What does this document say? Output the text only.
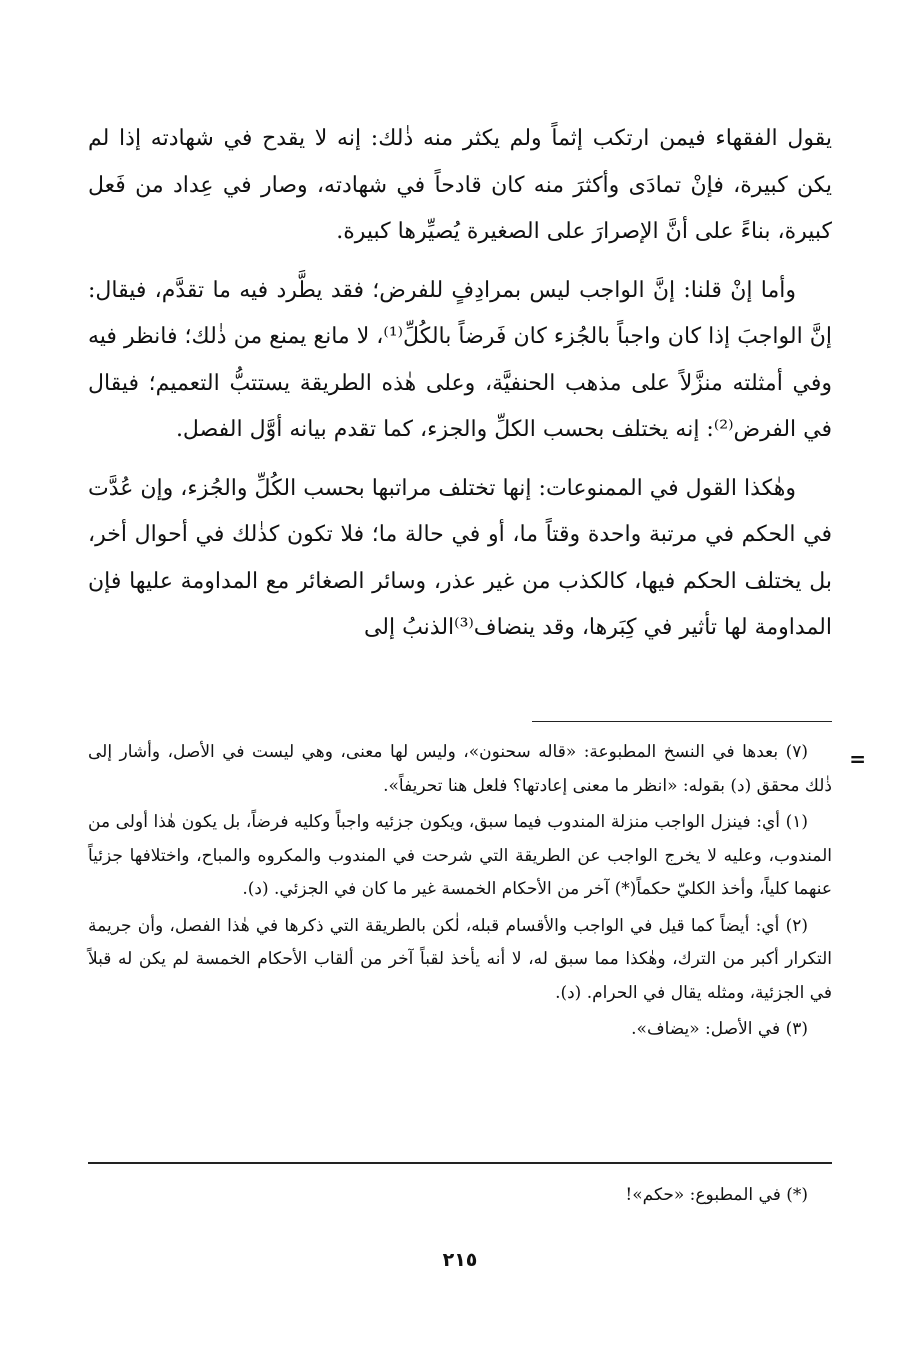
يقول الفقهاء فيمن ارتكب إثماً ولم يكثر منه ذٰلك: إنه لا يقدح في شهادته إذا لم يكن كبيرة، فإنْ تمادَى وأكثرَ منه كان قادحاً في شهادته، وصار في عِداد من فَعل كبيرة، بناءً على أنَّ الإصرارَ على الصغيرة يُصيِّرها كبيرة.

وأما إنْ قلنا: إنَّ الواجب ليس بمرادِفٍ للفرض؛ فقد يطَّرد فيه ما تقدَّم، فيقال: إنَّ الواجبَ إذا كان واجباً بالجُزء كان فَرضاً بالكُلِّ⁽¹⁾، لا مانع يمنع من ذٰلك؛ فانظر فيه وفي أمثلته منزَّلاً على مذهب الحنفيَّة، وعلى هٰذه الطريقة يستتبُّ التعميم؛ فيقال في الفرض⁽²⁾: إنه يختلف بحسب الكلِّ والجزء، كما تقدم بيانه أوَّل الفصل.

وهٰكذا القول في الممنوعات: إنها تختلف مراتبها بحسب الكُلِّ والجُزء، وإن عُدَّت في الحكم في مرتبة واحدة وقتاً ما، أو في حالة ما؛ فلا تكون كذٰلك في أحوال أخر، بل يختلف الحكم فيها، كالكذب من غير عذر، وسائر الصغائر مع المداومة عليها فإن المداومة لها تأثير في كِبَرها، وقد ينضاف⁽³⁾الذنبُ إلى

=

(٧) بعدها في النسخ المطبوعة: «قاله سحنون»، وليس لها معنى، وهي ليست في الأصل، وأشار إلى ذٰلك محقق (د) بقوله: «انظر ما معنى إعادتها؟ فلعل هنا تحريفاً».

(١) أي: فينزل الواجب منزلة المندوب فيما سبق، ويكون جزئيه واجباً وكليه فرضاً، بل يكون هٰذا أولى من المندوب، وعليه لا يخرج الواجب عن الطريقة التي شرحت في المندوب والمكروه والمباح، واختلافها جزئياً عنهما كلياً، وأخذ الكليّ حكماً(*) آخر من الأحكام الخمسة غير ما كان في الجزئي. (د).

(٢) أي: أيضاً كما قيل في الواجب والأقسام قبله، لٰكن بالطريقة التي ذكرها في هٰذا الفصل، وأن جريمة التكرار أكبر من الترك، وهٰكذا مما سبق له، لا أنه يأخذ لقباً آخر من ألقاب الأحكام الخمسة لم يكن له قبلاً في الجزئية، ومثله يقال في الحرام. (د).

(٣) في الأصل: «يضاف».

(*) في المطبوع: «حكم»!
٢١٥
